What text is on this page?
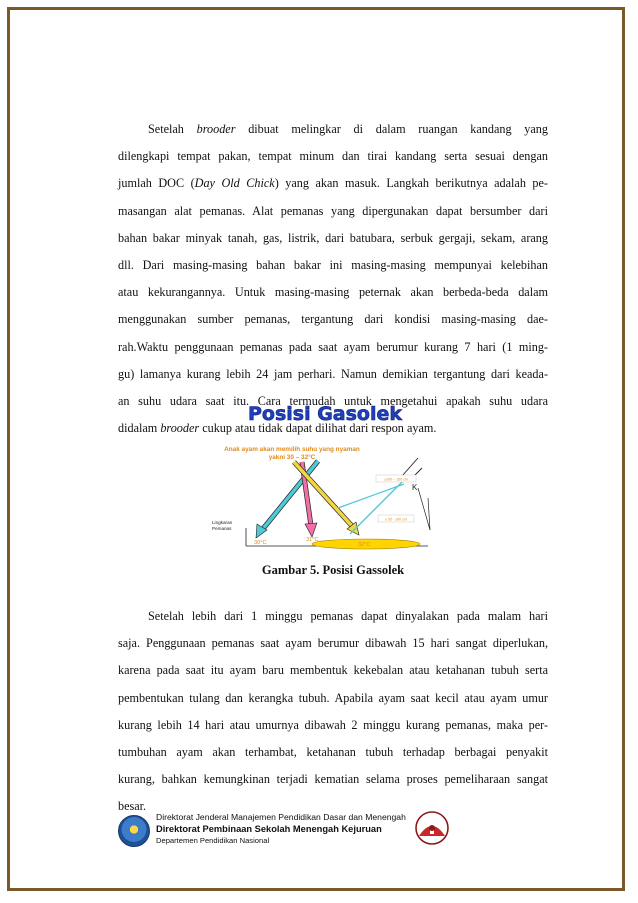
Setelah brooder dibuat melingkar di dalam ruangan kandang yang
dilengkapi tempat pakan, tempat minum dan tirai kandang serta sesuai dengan
jumlah DOC (Day Old Chick) yang akan masuk. Langkah berikutnya adalah pe-
masangan alat pemanas. Alat pemanas yang dipergunakan dapat bersumber dari
bahan bakar minyak tanah, gas, listrik, dari batubara, serbuk gergaji, sekam, arang
dll. Dari masing-masing bahan bakar ini masing-masing mempunyai kelebihan
atau kekurangannya. Untuk masing-masing peternak akan berbeda-beda dalam
menggunakan sumber pemanas, tergantung dari kondisi masing-masing dae-
rah.Waktu penggunaan pemanas pada saat ayam berumur kurang 7 hari (1 ming-
gu) lamanya kurang lebih 24 jam perhari. Namun demikian tergantung dari keada-
an suhu udara saat itu. Cara termudah untuk mengetahui apakah suhu udara
didalam brooder cukup atau tidak dapat dilihat dari respon ayam.
Posisi Gasolek
Anak ayam akan memilih suhu yang nyaman
yakni 30 – 32°C
K
±100 – 150 cm
± 50 - 100 cm
Lingkaran
Pemanas
30°C	31°C
32°C
Gambar 5. Posisi Gassolek
Setelah lebih dari 1 minggu pemanas dapat dinyalakan pada malam hari
saja. Penggunaan pemanas saat ayam berumur dibawah 15 hari sangat diperlukan,
karena pada saat itu ayam baru membentuk kekebalan atau ketahanan tubuh serta
pembentukan tulang dan kerangka tubuh. Apabila ayam saat kecil atau ayam umur
kurang lebih 14 hari atau umurnya dibawah 2 minggu kurang pemanas, maka per-
tumbuhan ayam akan terhambat, ketahanan tubuh terhadap berbagai penyakit
kurang, bahkan kemungkinan terjadi kematian selama proses pemeliharaan sangat
besar.
Direktorat Jenderal Manajemen Pendidikan Dasar dan Menengah
Direktorat Pembinaan Sekolah Menengah Kejuruan
Departemen Pendidikan Nasional
